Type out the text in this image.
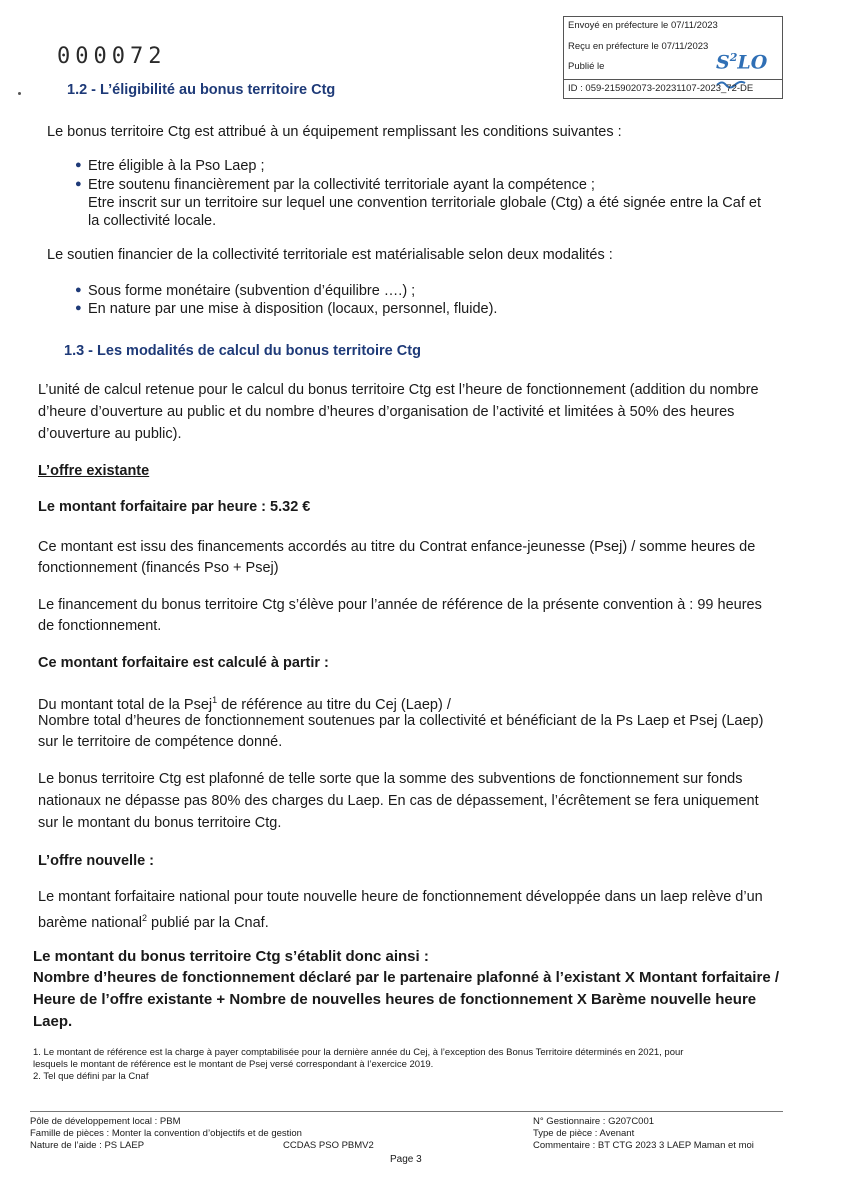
000072
Envoyé en préfecture le 07/11/2023
Reçu en préfecture le 07/11/2023
Publié le	$S^2LO$
ID : 059-215902073-20231107-2023_72-DE
1.2 - L’éligibilité au bonus territoire Ctg
Le bonus territoire Ctg est attribué à un équipement remplissant les conditions suivantes :
● Etre éligible à la Pso Laep ;
● Etre soutenu financièrement par la collectivité territoriale ayant la compétence ;
Etre inscrit sur un territoire sur lequel une convention territoriale globale (Ctg) a été signée entre la Caf et
la collectivité locale.
Le soutien financier de la collectivité territoriale est matérialisable selon deux modalités :
● Sous forme monétaire (subvention d’équilibre ….) ;
● En nature par une mise à disposition (locaux, personnel, fluide).
1.3 - Les modalités de calcul du bonus territoire Ctg
L’unité de calcul retenue pour le calcul du bonus territoire Ctg est l’heure de fonctionnement (addition du nombre
d’heure d’ouverture au public et du nombre d’heures d’organisation de l’activité et limitées à 50% des heures
d’ouverture au public).
L’offre existante
Le montant forfaitaire par heure : 5.32 €
Ce montant est issu des financements accordés au titre du Contrat enfance-jeunesse (Psej) / somme heures de
fonctionnement (financés Pso + Psej)
Le financement du bonus territoire Ctg s’élève pour l’année de référence de la présente convention à : 99 heures
de fonctionnement.
Ce montant forfaitaire est calculé à partir :
Du montant total de la Psej$^1$ de référence au titre du Cej (Laep) /
Nombre total d’heures de fonctionnement soutenues par la collectivité et bénéficiant de la Ps Laep et Psej (Laep)
sur le territoire de compétence donné.
Le bonus territoire Ctg est plafonné de telle sorte que la somme des subventions de fonctionnement sur fonds
nationaux ne dépasse pas 80% des charges du Laep. En cas de dépassement, l’écrêtement se fera uniquement
sur le montant du bonus territoire Ctg.
L’offre nouvelle :
Le montant forfaitaire national pour toute nouvelle heure de fonctionnement développée dans un laep relève d’un
barème national$^2$ publié par la Cnaf.
Le montant du bonus territoire Ctg s’établit donc ainsi :
Nombre d’heures de fonctionnement déclaré par le partenaire plafonné à l’existant X Montant forfaitaire /
Heure de l’offre existante + Nombre de nouvelles heures de fonctionnement X Barème nouvelle heure
Laep.
1. Le montant de référence est la charge à payer comptabilisée pour la dernière année du Cej, à l’exception des Bonus Territoire déterminés en 2021, pour
lesquels le montant de référence est le montant de Psej versé correspondant à l’exercice 2019.
2. Tel que défini par la Cnaf
Pôle de développement local : PBM
Famille de pièces : Monter la convention d’objectifs et de gestion
Nature de l’aide : PS LAEP	CCDAS PSO PBMV2
N° Gestionnaire : G207C001
Type de pièce : Avenant
Commentaire : BT CTG 2023 3 LAEP Maman et moi
Page 3
